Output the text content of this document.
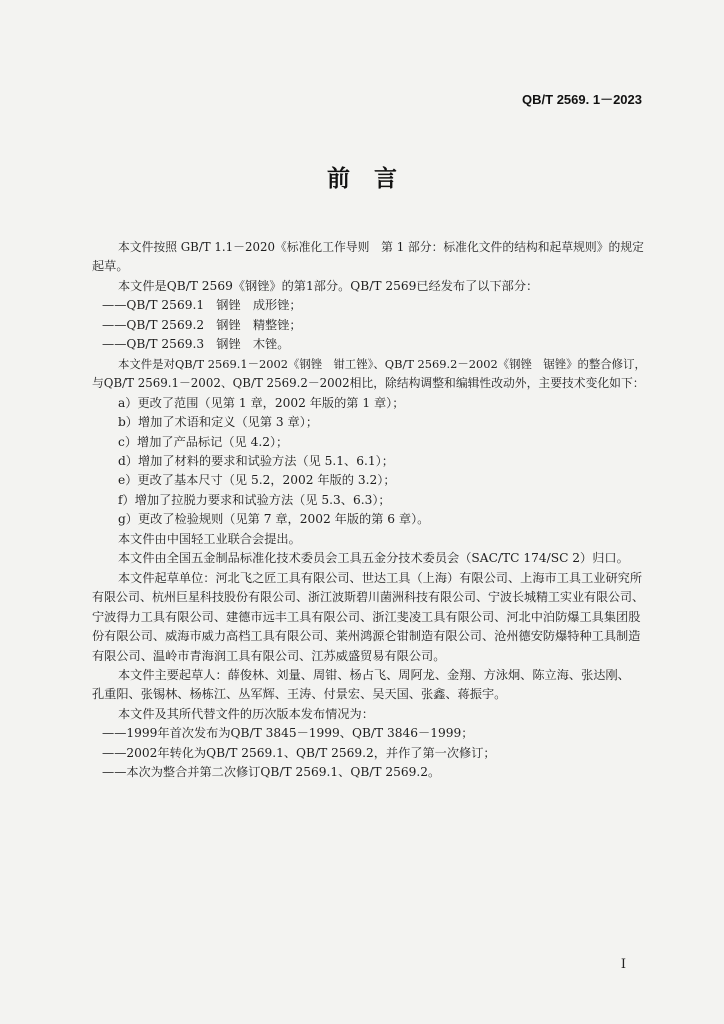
QB/T 2569. 1－2023
前言

本文件按照 GB/T 1.1－2020《标准化工作导则　第 1 部分：标准化文件的结构和起草规则》的规定

起草。

本文件是QB/T 2569《钢锉》的第1部分。QB/T 2569已经发布了以下部分：

——QB/T 2569.1　钢锉　成形锉；

——QB/T 2569.2　钢锉　精整锉；

——QB/T 2569.3　钢锉　木锉。

本文件是对QB/T 2569.1－2002《钢锉　钳工锉》、QB/T 2569.2－2002《钢锉　锯锉》的整合修订，

与QB/T 2569.1－2002、QB/T 2569.2－2002相比，除结构调整和编辑性改动外，主要技术变化如下：

a）更改了范围（见第 1 章，2002 年版的第 1 章）；

b）增加了术语和定义（见第 3 章）；

c）增加了产品标记（见 4.2）；

d）增加了材料的要求和试验方法（见 5.1、6.1）；

e）更改了基本尺寸（见 5.2，2002 年版的 3.2）；

f）增加了拉脱力要求和试验方法（见 5.3、6.3）；

g）更改了检验规则（见第 7 章，2002 年版的第 6 章）。

本文件由中国轻工业联合会提出。

本文件由全国五金制品标准化技术委员会工具五金分技术委员会（SAC/TC 174/SC 2）归口。

本文件起草单位：河北飞之匠工具有限公司、世达工具（上海）有限公司、上海市工具工业研究所

有限公司、杭州巨星科技股份有限公司、浙江波斯碧川菌洲科技有限公司、宁波长城精工实业有限公司、

宁波得力工具有限公司、建德市远丰工具有限公司、浙江斐凌工具有限公司、河北中泊防爆工具集团股

份有限公司、威海市威力高档工具有限公司、莱州鸿源仑钳制造有限公司、沧州德安防爆特种工具制造

有限公司、温岭市青海润工具有限公司、江苏威盛贸易有限公司。

本文件主要起草人：薛俊林、刘量、周钳、杨占飞、周阿龙、金翔、方泳炯、陈立海、张达刚、

孔重阳、张锡林、杨栋江、丛军辉、王涛、付景宏、吴天国、张鑫、蒋振宇。

本文件及其所代替文件的历次版本发布情况为：

——1999年首次发布为QB/T 3845－1999、QB/T 3846－1999；

——2002年转化为QB/T 2569.1、QB/T 2569.2，并作了第一次修订；

——本次为整合并第二次修订QB/T 2569.1、QB/T 2569.2。

I
